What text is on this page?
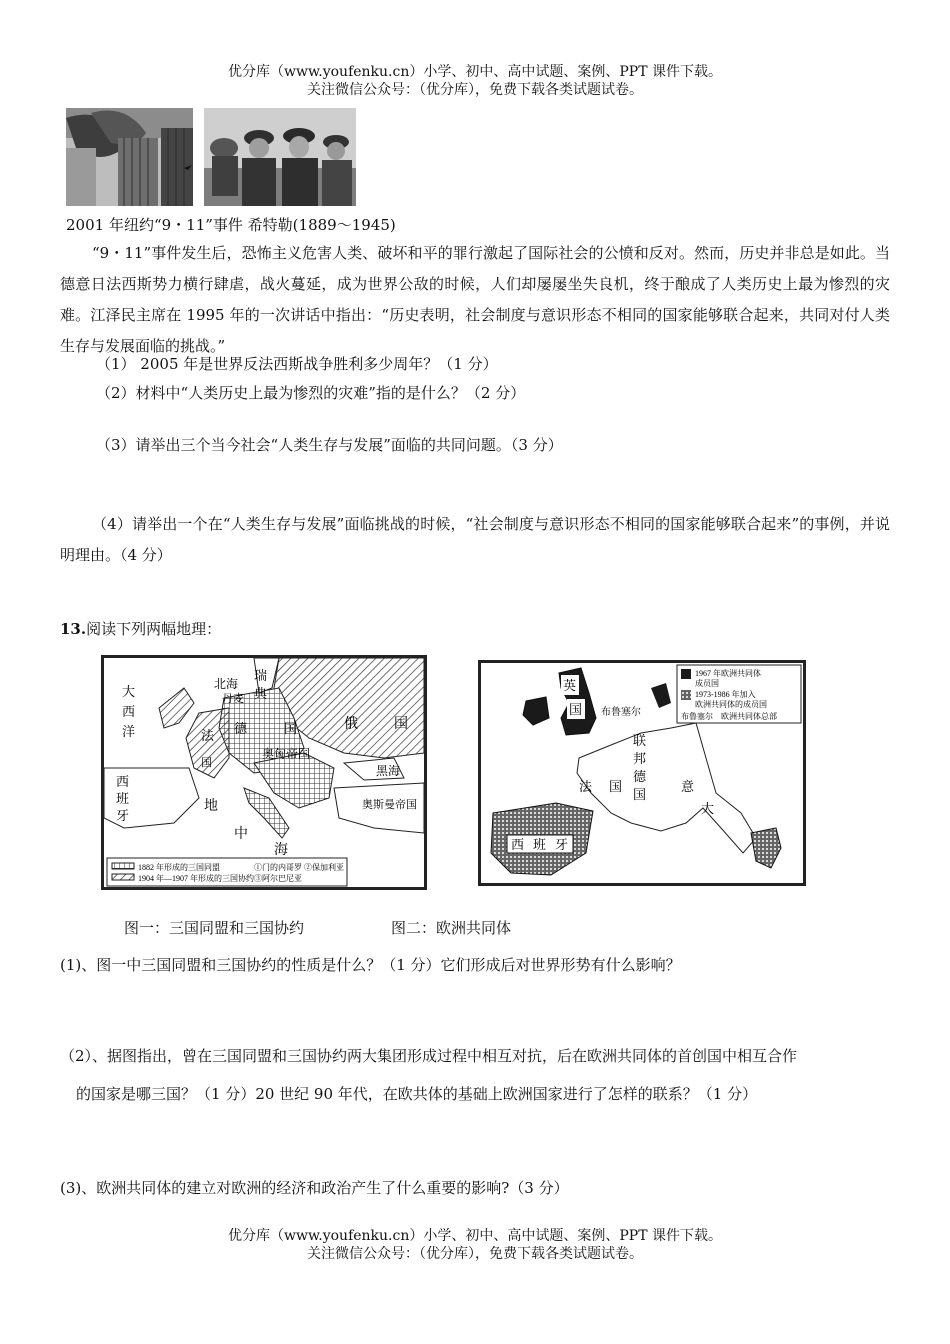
优分库（www.youfenku.cn）小学、初中、高中试题、案例、PPT 课件下载。
关注微信公众号：（优分库），免费下载各类试题试卷。
2001 年纽约“9・11”事件 希特勒(1889～1945)
“9・11”事件发生后，恐怖主义危害人类、破坏和平的罪行激起了国际社会的公愤和反对。然而，历史并非总是如此。当德意日法西斯势力横行肆虐，战火蔓延，成为世界公敌的时候，人们却屡屡坐失良机，终于酿成了人类历史上最为惨烈的灾难。江泽民主席在 1995 年的一次讲话中指出：“历史表明，社会制度与意识形态不相同的国家能够联合起来，共同对付人类生存与发展面临的挑战。”
（1） 2005 年是世界反法西斯战争胜利多少周年？（1 分）
（2）材料中“人类历史上最为惨烈的灾难”指的是什么？（2 分）
（3）请举出三个当今社会“人类生存与发展”面临的共同问题。（3 分）
（4）请举出一个在“人类生存与发展”面临挑战的时候，“社会制度与意识形态不相同的国家能够联合起来”的事例，并说明理由。（4 分）
13.阅读下列两幅地理：
大
西
洋
北海
丹麦
瑞
典
德	国	俄	国
法
国
奥匈帝国
西
班
牙
地
中
海
黑海
奥斯曼帝国
1882 年形成的三国同盟	①门的内哥罗 ②保加利亚
1904 年—1907 年形成的三国协约 ③阿尔巴尼亚
英
国 布鲁塞尔
联
邦
德
国
法 国	意
大
西 班 牙
1967 年欧洲共同体
成员国
1973-1986 年加入
欧洲共同体的成员国
布鲁塞尔 欧洲共同体总部
图一：三国同盟和三国协约	图二：欧洲共同体
(1)、图一中三国同盟和三国协约的性质是什么？（1 分）它们形成后对世界形势有什么影响？
（2）、据图指出，曾在三国同盟和三国协约两大集团形成过程中相互对抗，后在欧洲共同体的首创国中相互合作
的国家是哪三国？（1 分）20 世纪 90 年代，在欧共体的基础上欧洲国家进行了怎样的联系？（1 分）
(3)、欧洲共同体的建立对欧洲的经济和政治产生了什么重要的影响?（3 分）
优分库（www.youfenku.cn）小学、初中、高中试题、案例、PPT 课件下载。
关注微信公众号：（优分库），免费下载各类试题试卷。
